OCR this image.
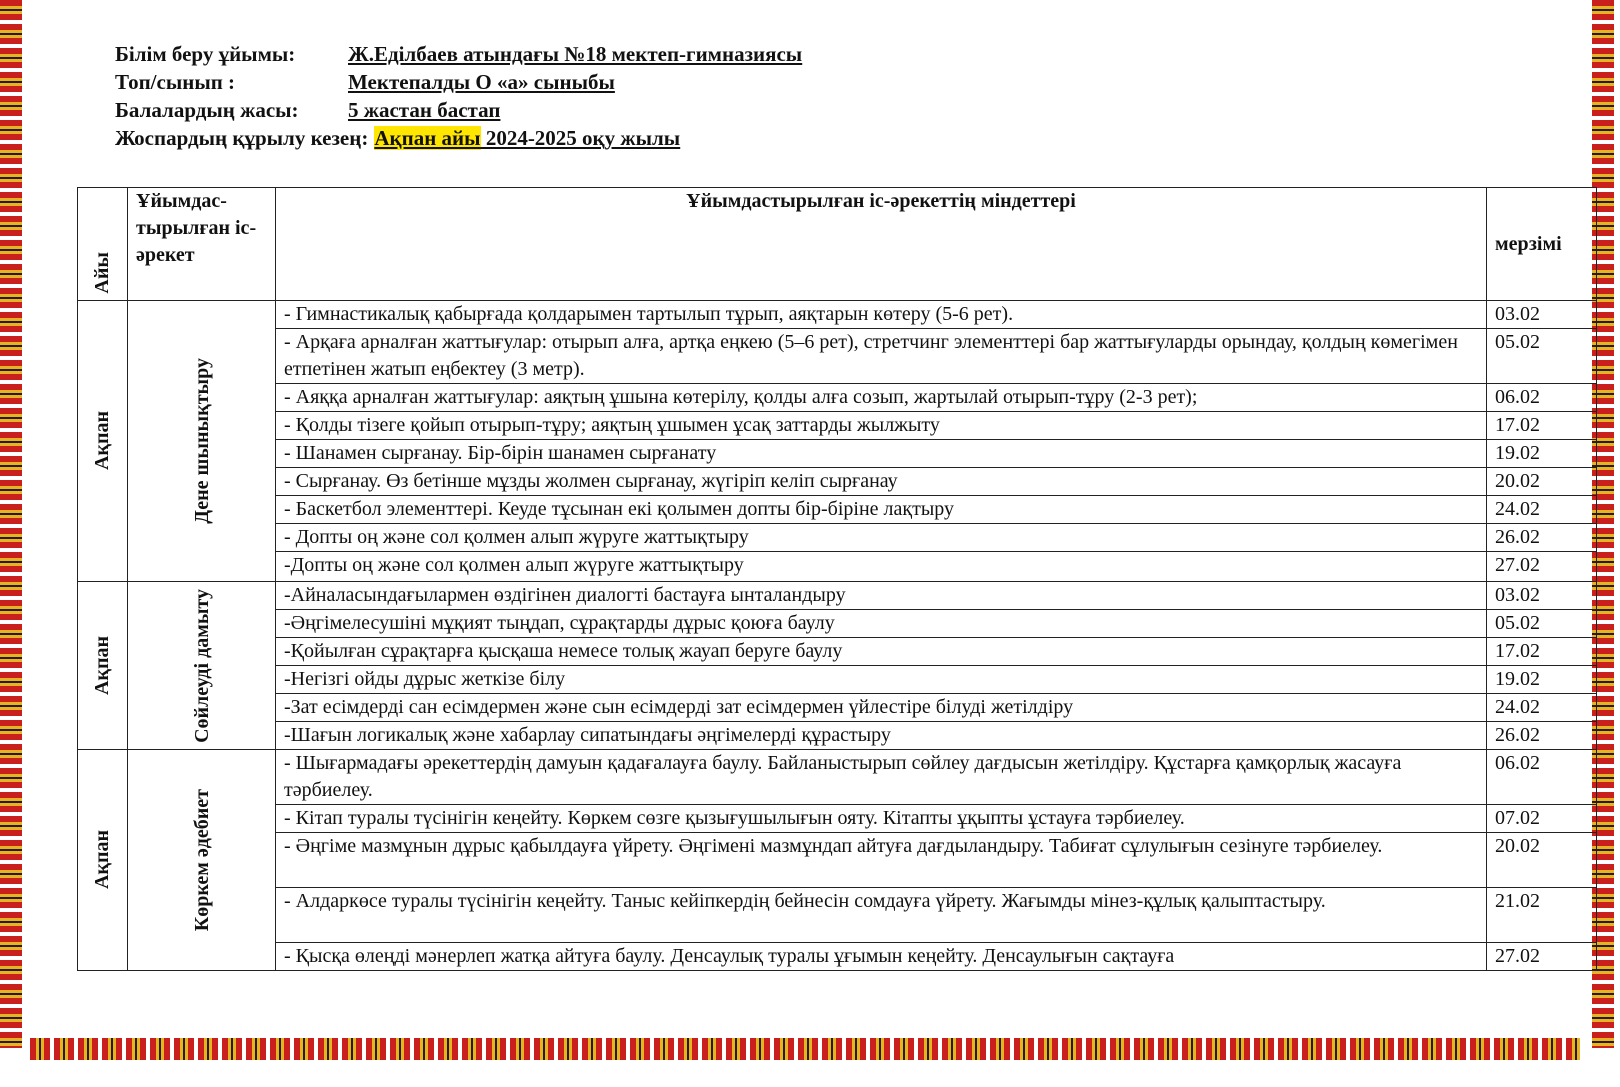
Білім беру ұйымы:	Ж.Еділбаев атындағы №18 мектеп-гимназиясы
Топ/сынып :	Мектепалды О «а» сыныбы
Балалардың жасы:	5 жастан бастап
Жоспардың құрылу кезең: Ақпан айы 2024-2025 оқу жылы
Айы	Ұйымдас-тырылған іс-әрекет	Ұйымдастырылған іс-әрекеттің міндеттері	мерзімі

Ақпан	Дене шынықтыру	- Гимнастикалық қабырғада қолдарымен тартылып тұрып, аяқтарын көтеру (5-6 рет).	03.02
		- Арқаға арналған жаттығулар: отырып алға, артқа еңкею (5–6 рет), стретчинг элементтері бар жаттығуларды орындау, қолдың көмегімен етпетінен жатып еңбектеу (3 метр).	05.02
		- Аяққа арналған жаттығулар: аяқтың ұшына көтерілу, қолды алға созып, жартылай отырып-тұру (2-3 рет);	06.02
		- Қолды тізеге қойып отырып-тұру; аяқтың ұшымен ұсақ заттарды жылжыту	17.02
		- Шанамен сырғанау. Бір-бірін шанамен сырғанату	19.02
		- Сырғанау. Өз бетінше мұзды жолмен сырғанау, жүгіріп келіп сырғанау	20.02
		- Баскетбол элементтері. Кеуде тұсынан екі қолымен допты бір-біріне лақтыру	24.02
		- Допты оң және сол қолмен алып жүруге жаттықтыру	26.02
		-Допты оң және сол қолмен алып жүруге жаттықтыру	27.02

Ақпан	Сөйлеуді дамыту	-Айналасындағылармен өздігінен диалогті бастауға ынталандыру	03.02
		-Әңгімелесушіні мұқият тыңдап, сұрақтарды дұрыс қоюға баулу	05.02
		-Қойылған сұрақтарға қысқаша немесе толық жауап беруге баулу	17.02
		-Негізгі ойды дұрыс жеткізе білу	19.02
		-Зат есімдерді сан есімдермен және сын есімдерді зат есімдермен үйлестіре білуді жетілдіру	24.02
		-Шағын логикалық және хабарлау сипатындағы әңгімелерді құрастыру	26.02

Ақпан	Көркем әдебиет	- Шығармадағы әрекеттердің дамуын қадағалауға баулу. Байланыстырып сөйлеу дағдысын жетілдіру. Құстарға қамқорлық жасауға тәрбиелеу.	06.02
		- Кітап туралы түсінігін кеңейту. Көркем сөзге қызығушылығын ояту. Кітапты ұқыпты ұстауға тәрбиелеу.	07.02
		- Әңгіме мазмұнын дұрыс қабылдауға үйрету. Әңгімені мазмұндап айтуға дағдыландыру. Табиғат сұлулығын сезінуге тәрбиелеу.	20.02
		- Алдаркөсе туралы түсінігін кеңейту. Таныс кейіпкердің бейнесін сомдауға үйрету. Жағымды мінез-құлық қалыптастыру.	21.02
		- Қысқа өлеңді мәнерлеп жатқа айтуға баулу. Денсаулық туралы ұғымын кеңейту. Денсаулығын сақтауға	27.02
